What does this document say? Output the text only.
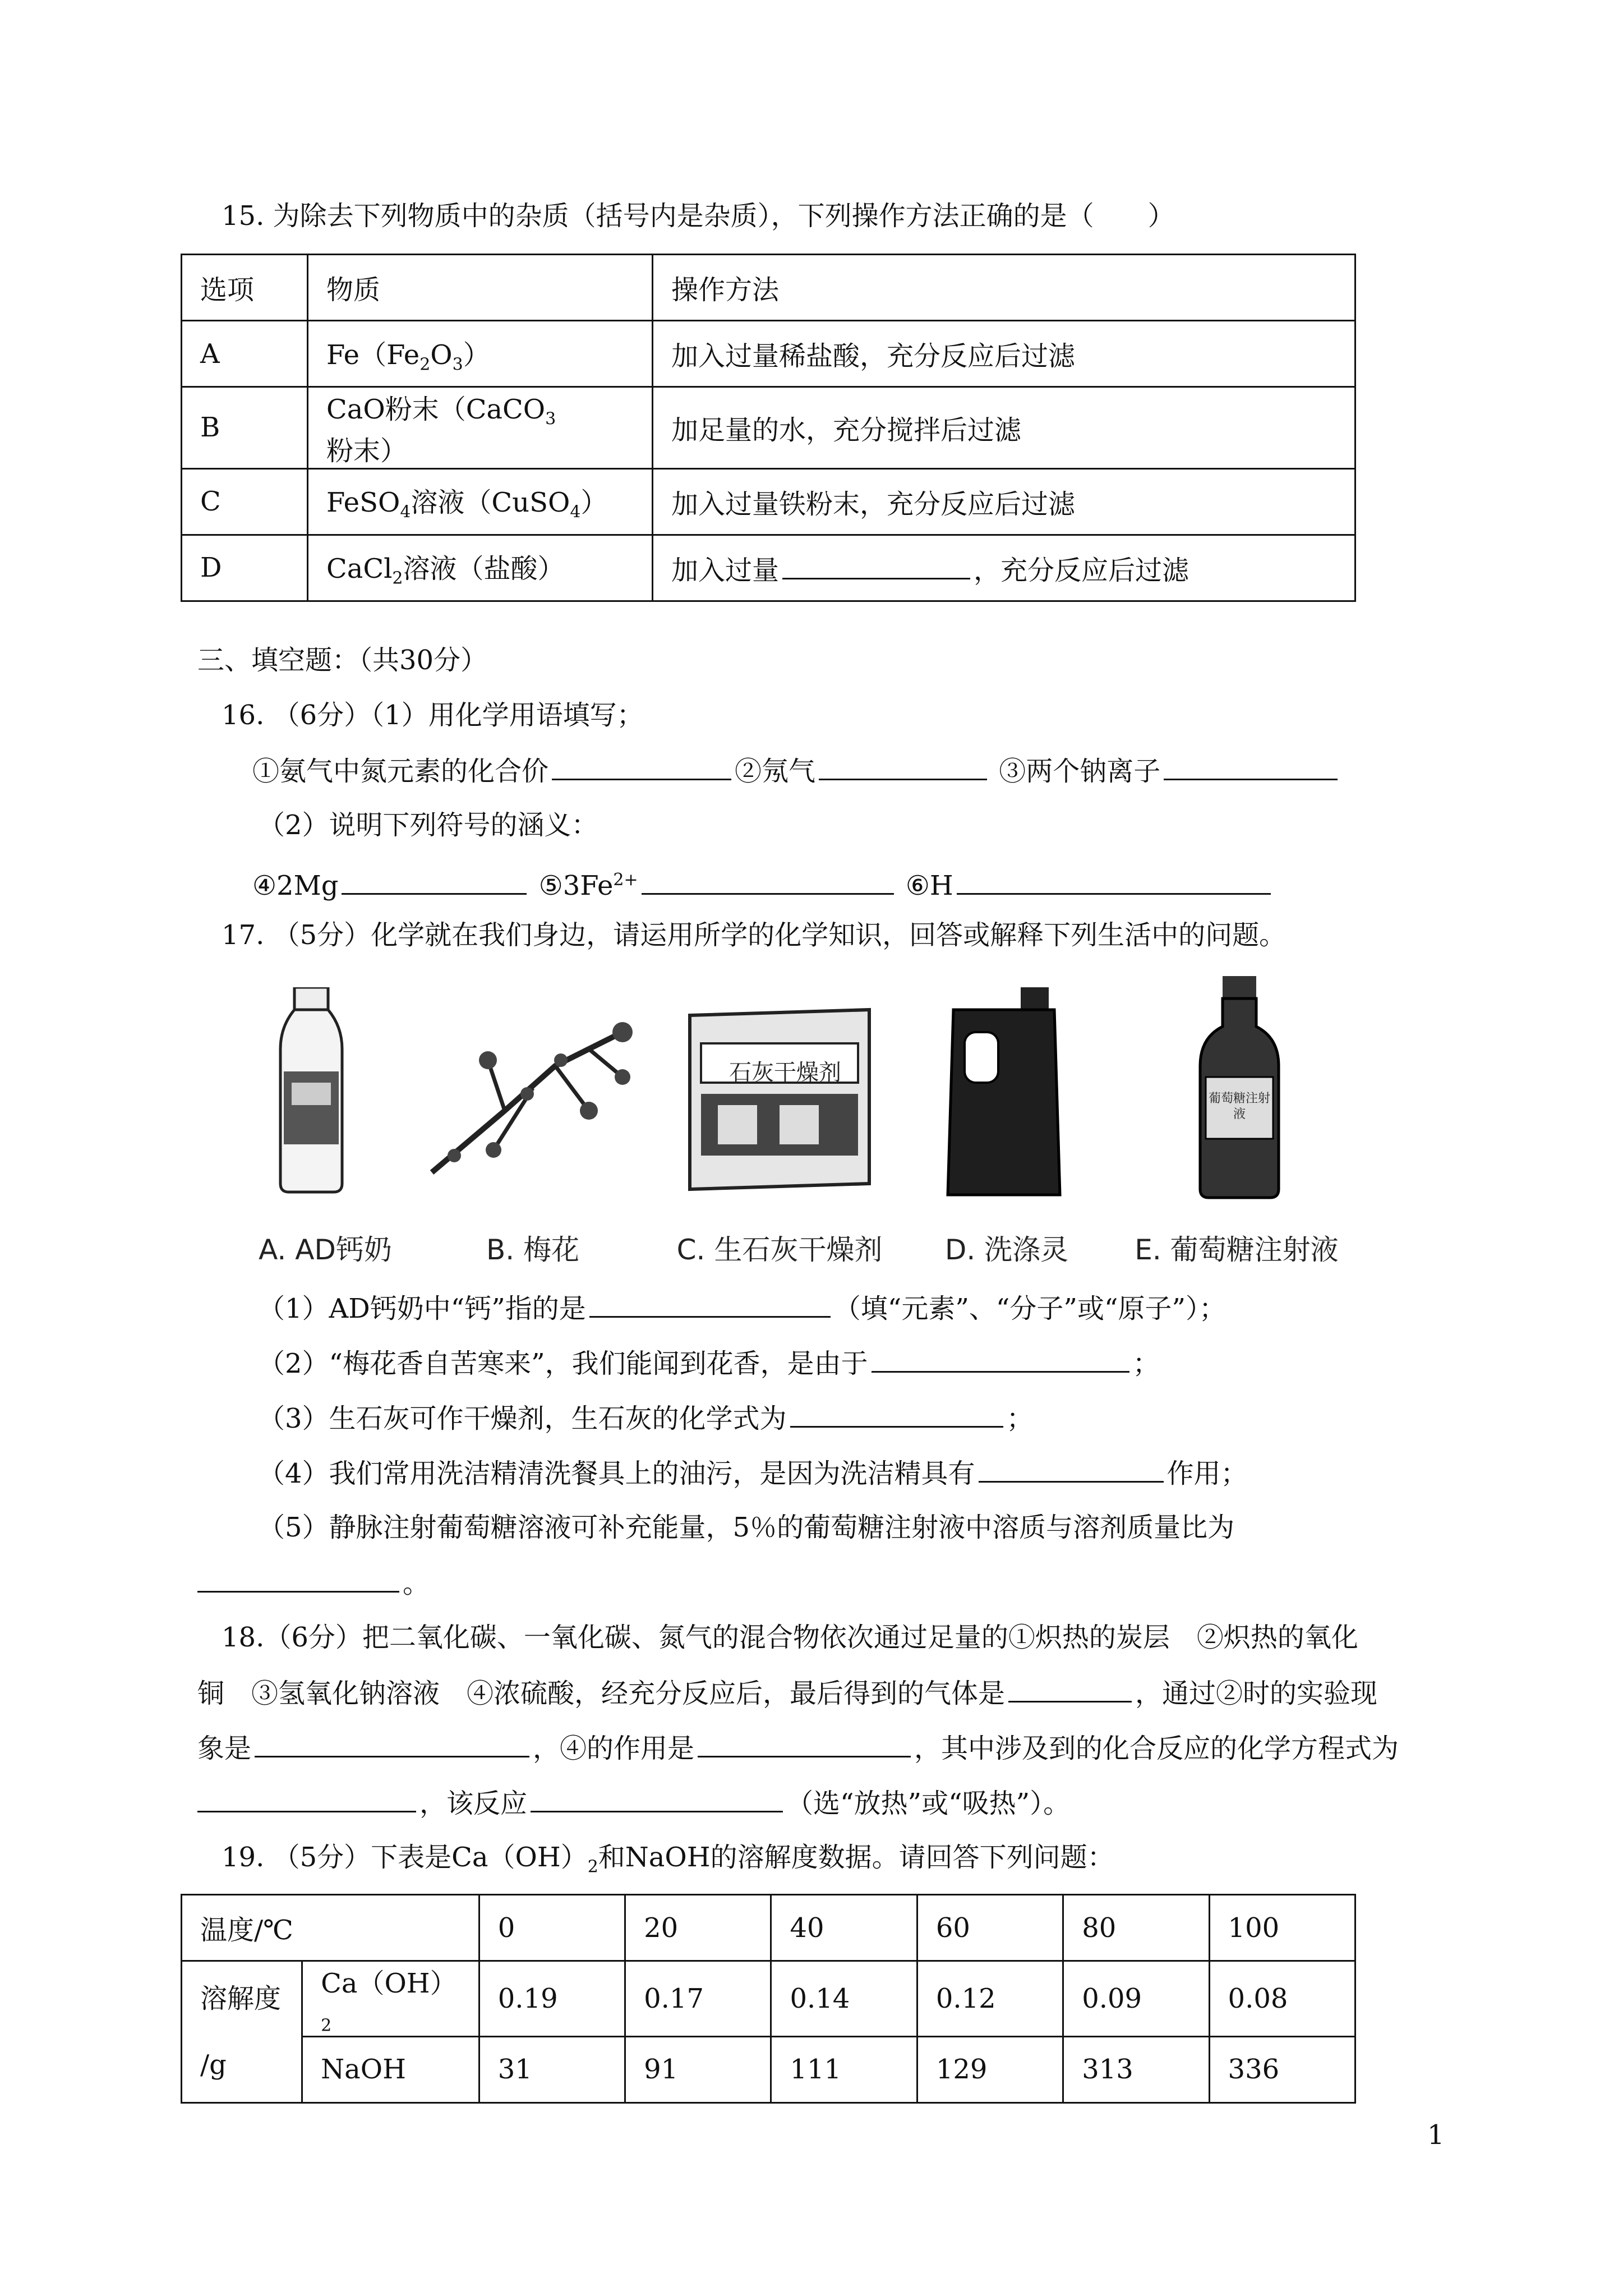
15. 为除去下列物质中的杂质（括号内是杂质），下列操作方法正确的是（　　）
选项	物质	操作方法
A	$Fe(Fe_2O_3)$	加入过量稀盐酸，充分反应后过滤
B	CaO粉末（CaCO$_3$粉末）	加足量的水，充分搅拌后过滤
C	FeSO$_4$溶液（CuSO$_4$）	加入过量铁粉末，充分反应后过滤
D	CaCl$_2$溶液（盐酸）	加入过量 ，充分反应后过滤
三、填空题：（共30分）
16. （6分）（1）用化学用语填写；
①氨气中氮元素的化合价	②氖气	③两个钠离子
（2）说明下列符号的涵义：
④2Mg	$⑤3Fe^{2+}$	⑥H
17. （5分）化学就在我们身边，请运用所学的化学知识，回答或解释下列生活中的问题。
A. AD钙奶	B. 梅花
石灰干燥剂
C. 生石灰干燥剂	D. 洗涤灵
葡萄糖注射液
E. 葡萄糖注射液
（1）AD钙奶中“钙”指的是	（填“元素”、“分子”或“原子”）；
（2）“梅花香自苦寒来”，我们能闻到花香，是由于	；
（3）生石灰可作干燥剂，生石灰的化学式为	；
（4）我们常用洗洁精清洗餐具上的油污，是因为洗洁精具有	作用；
（5）静脉注射葡萄糖溶液可补充能量，5％的葡萄糖注射液中溶质与溶剂质量比为
。
18.（6分）把二氧化碳、一氧化碳、氮气的混合物依次通过足量的①炽热的炭层　②炽热的氧化
铜　③氢氧化钠溶液　④浓硫酸，经充分反应后，最后得到的气体是	，通过②时的实验现
象是	，④的作用是	，其中涉及到的化合反应的化学方程式为
，该反应	（选“放热”或“吸热”）。
19. （5分）下表是$Ca(OH)_2$和NaOH的溶解度数据。请回答下列问题：
温度/℃		0	20	40	60	80	100

溶解度
/g	$Ca(OH)_2$	0.19	0.17	0.14	0.12	0.09	0.08
	NaOH	31	91	111	129	313	336
1
